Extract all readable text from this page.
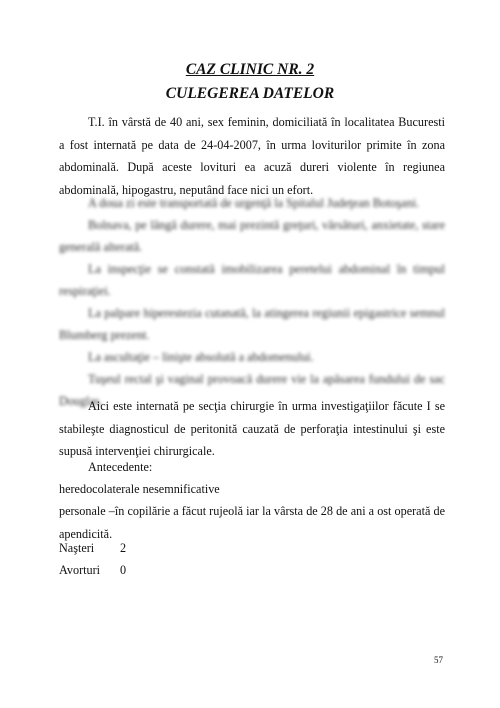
CAZ CLINIC NR. 2
CULEGEREA DATELOR

T.I. în vârstă de 40 ani, sex feminin, domiciliată în localitatea Bucuresti a fost internată pe data de 24-04-2007, în urma loviturilor primite în zona abdominală. După aceste lovituri ea acuză dureri violente în regiunea abdominală, hipogastru, neputând face nici un efort.

A doua zi este transportată de urgenţă la Spitalul Judeţean Botoşani.

Bolnava, pe lângă durere, mai prezintă greţuri, vărsături, anxietate, stare generală alterată.

La inspecţie se constată imobilizarea peretelui abdominal în timpul respiraţiei.

La palpare hiperestezia cutanată, la atingerea regiunii epigastrice semnul Blumberg prezent.

La ascultaţie – linişte absolută a abdomenului.

Tuşeul rectal şi vaginal provoacă durere vie la apăsarea fundului de sac Douglas.

Aici este internată pe secţia chirurgie în urma investigaţiilor făcute I se stabileşte diagnosticul de peritonită cauzată de perforaţia intestinului şi este supusă intervenţiei chirurgicale.

Antecedente:

heredocolaterale nesemnificative

personale –în copilărie a făcut rujeolă iar la vârsta de 28 de ani a ost operată de apendicită.

Naşteri 2
Avorturi 0
57
